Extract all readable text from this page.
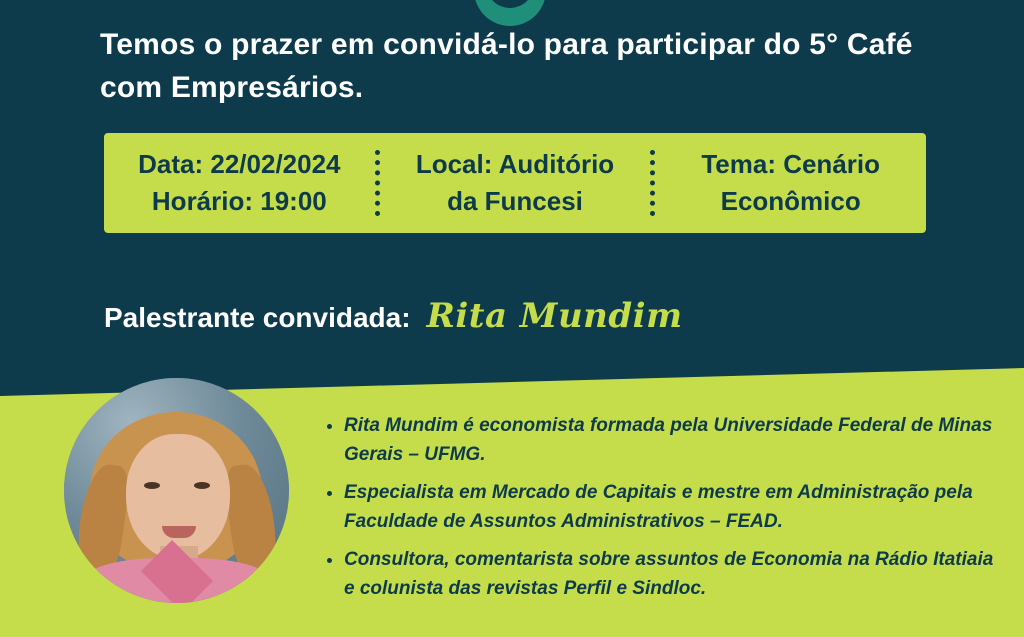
Temos o prazer em convidá-lo para participar do 5° Café com Empresários.
Data: 22/02/2024
Horário: 19:00
Local: Auditório
da Funcesi
Tema: Cenário
Econômico
Palestrante convidada: Rita Mundim
• Rita Mundim é economista formada pela Universidade Federal de Minas Gerais – UFMG.
• Especialista em Mercado de Capitais e mestre em Administração pela Faculdade de Assuntos Administrativos – FEAD.
• Consultora, comentarista sobre assuntos de Economia na Rádio Itatiaia e colunista das revistas Perfil e Sindloc.
